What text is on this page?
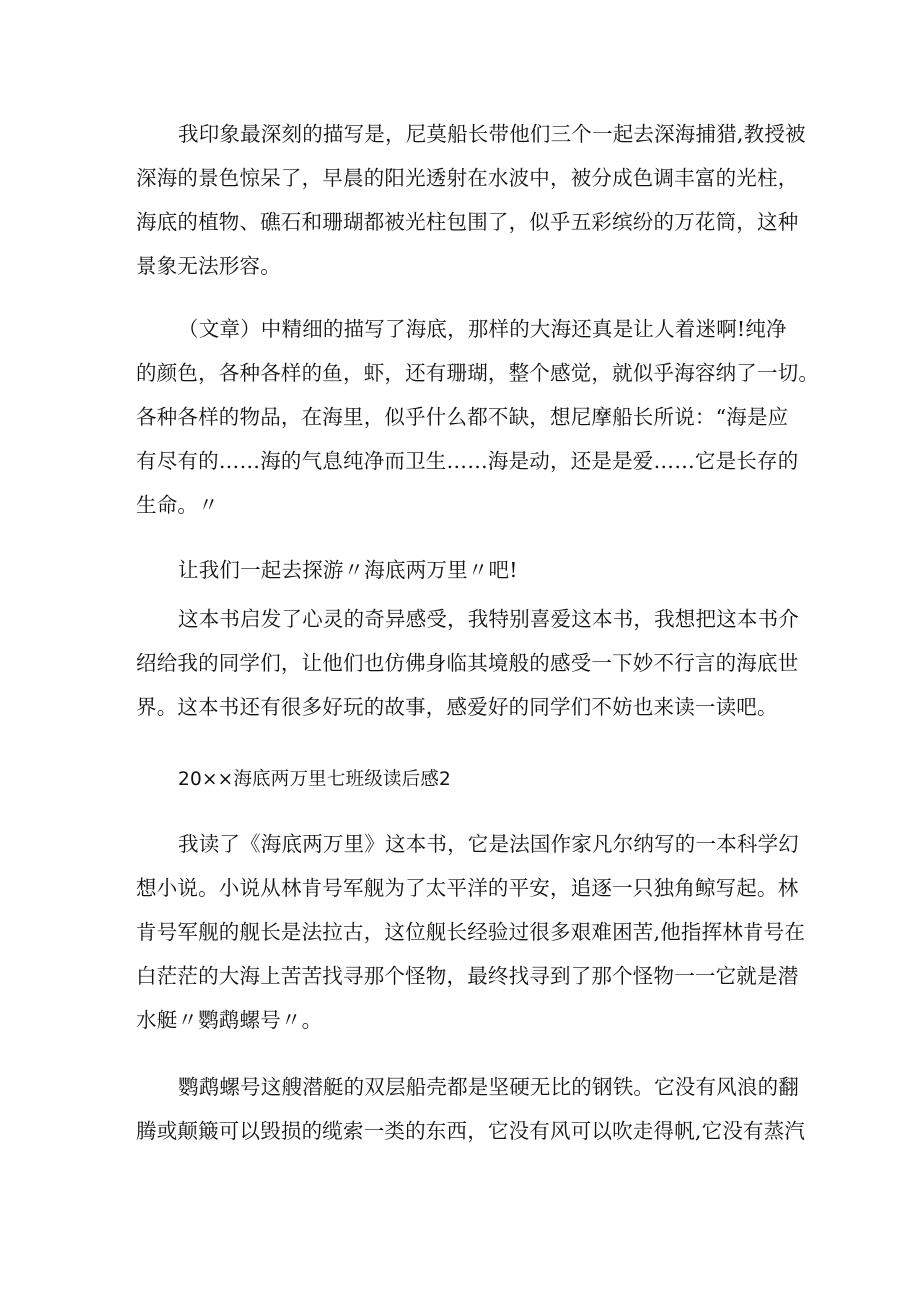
我印象最深刻的描写是，尼莫船长带他们三个一起去深海捕猎,教授被
深海的景色惊呆了，早晨的阳光透射在水波中，被分成色调丰富的光柱，
海底的植物、礁石和珊瑚都被光柱包围了，似乎五彩缤纷的万花筒，这种
景象无法形容。

（文章）中精细的描写了海底，那样的大海还真是让人着迷啊!纯净
的颜色，各种各样的鱼，虾，还有珊瑚，整个感觉，就似乎海容纳了一切。
各种各样的物品，在海里，似乎什么都不缺，想尼摩船长所说：“海是应
有尽有的……海的气息纯净而卫生……海是动，还是是爱……它是长存的
生命。〃

让我们一起去探游〃海底两万里〃吧!

这本书启发了心灵的奇异感受，我特别喜爱这本书，我想把这本书介
绍给我的同学们，让他们也仿佛身临其境般的感受一下妙不行言的海底世
界。这本书还有很多好玩的故事，感爱好的同学们不妨也来读一读吧。

20××海底两万里七班级读后感2

我读了《海底两万里》这本书，它是法国作家凡尔纳写的一本科学幻
想小说。小说从林肯号军舰为了太平洋的平安，追逐一只独角鲸写起。林
肯号军舰的舰长是法拉古，这位舰长经验过很多艰难困苦,他指挥林肯号在
白茫茫的大海上苦苦找寻那个怪物，最终找寻到了那个怪物一一它就是潜
水艇〃鹦鹉螺号〃。

鹦鹉螺号这艘潜艇的双层船壳都是坚硬无比的钢铁。它没有风浪的翻
腾或颠簸可以毁损的缆索一类的东西，它没有风可以吹走得帆,它没有蒸汽
